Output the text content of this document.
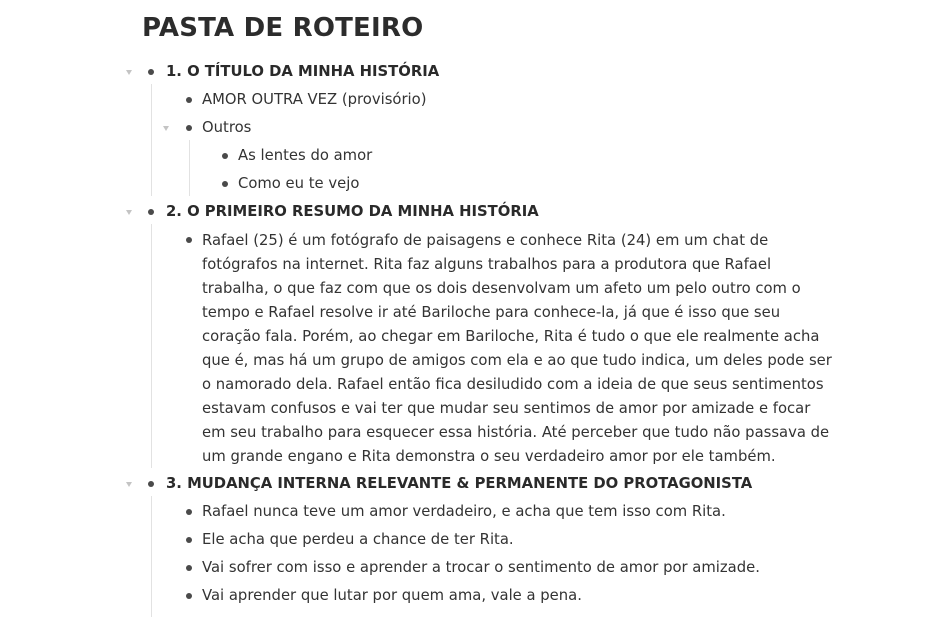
PASTA DE ROTEIRO
1. O TÍTULO DA MINHA HISTÓRIA
AMOR OUTRA VEZ (provisório)
Outros
As lentes do amor
Como eu te vejo
2. O PRIMEIRO RESUMO DA MINHA HISTÓRIA
Rafael (25) é um fotógrafo de paisagens e conhece Rita (24) em um chat de fotógrafos na internet. Rita faz alguns trabalhos para a produtora que Rafael trabalha, o que faz com que os dois desenvolvam um afeto um pelo outro com o tempo e Rafael resolve ir até Bariloche para conhece-la, já que é isso que seu coração fala. Porém, ao chegar em Bariloche, Rita é tudo o que ele realmente acha que é, mas há um grupo de amigos com ela e ao que tudo indica, um deles pode ser o namorado dela. Rafael então fica desiludido com a ideia de que seus sentimentos estavam confusos e vai ter que mudar seu sentimos de amor por amizade e focar em seu trabalho para esquecer essa história. Até perceber que tudo não passava de um grande engano e Rita demonstra o seu verdadeiro amor por ele também.
3. MUDANÇA INTERNA RELEVANTE & PERMANENTE DO PROTAGONISTA
Rafael nunca teve um amor verdadeiro, e acha que tem isso com Rita.
Ele acha que perdeu a chance de ter Rita.
Vai sofrer com isso e aprender a trocar o sentimento de amor por amizade.
Vai aprender que lutar por quem ama, vale a pena.
